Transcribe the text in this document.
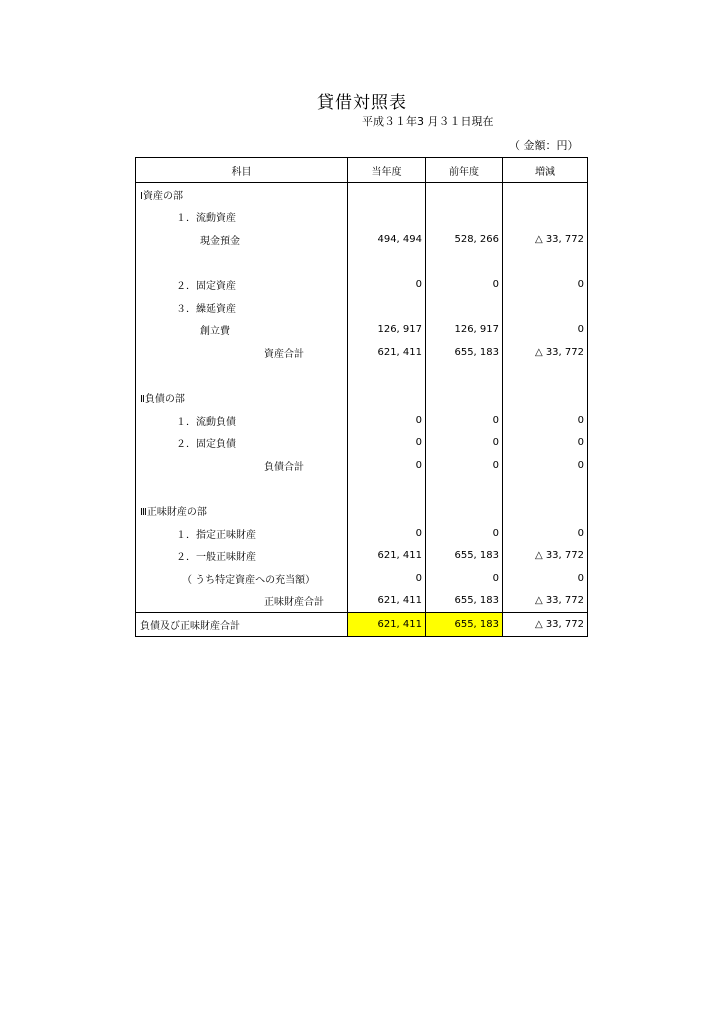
貸借対照表
平成３１年3 月３１日現在
（ 金額：円）
科目	当年度	前年度	増減
Ⅰ資産の部			
１．流動資産			
現金預金	494, 494	528, 266	△ 33, 772

２．固定資産	0	0	0
３．繰延資産			
創立費	126, 917	126, 917	0
資産合計	621, 411	655, 183	△ 33, 772

Ⅱ負債の部			
１．流動負債	0	0	0
２．固定負債	0	0	0
負債合計	0	0	0

Ⅲ正味財産の部			
１．指定正味財産	0	0	0
２．一般正味財産	621, 411	655, 183	△ 33, 772
（ うち特定資産への充当額）	0	0	0
正味財産合計	621, 411	655, 183	△ 33, 772
負債及び正味財産合計	621, 411	655, 183	△ 33, 772
